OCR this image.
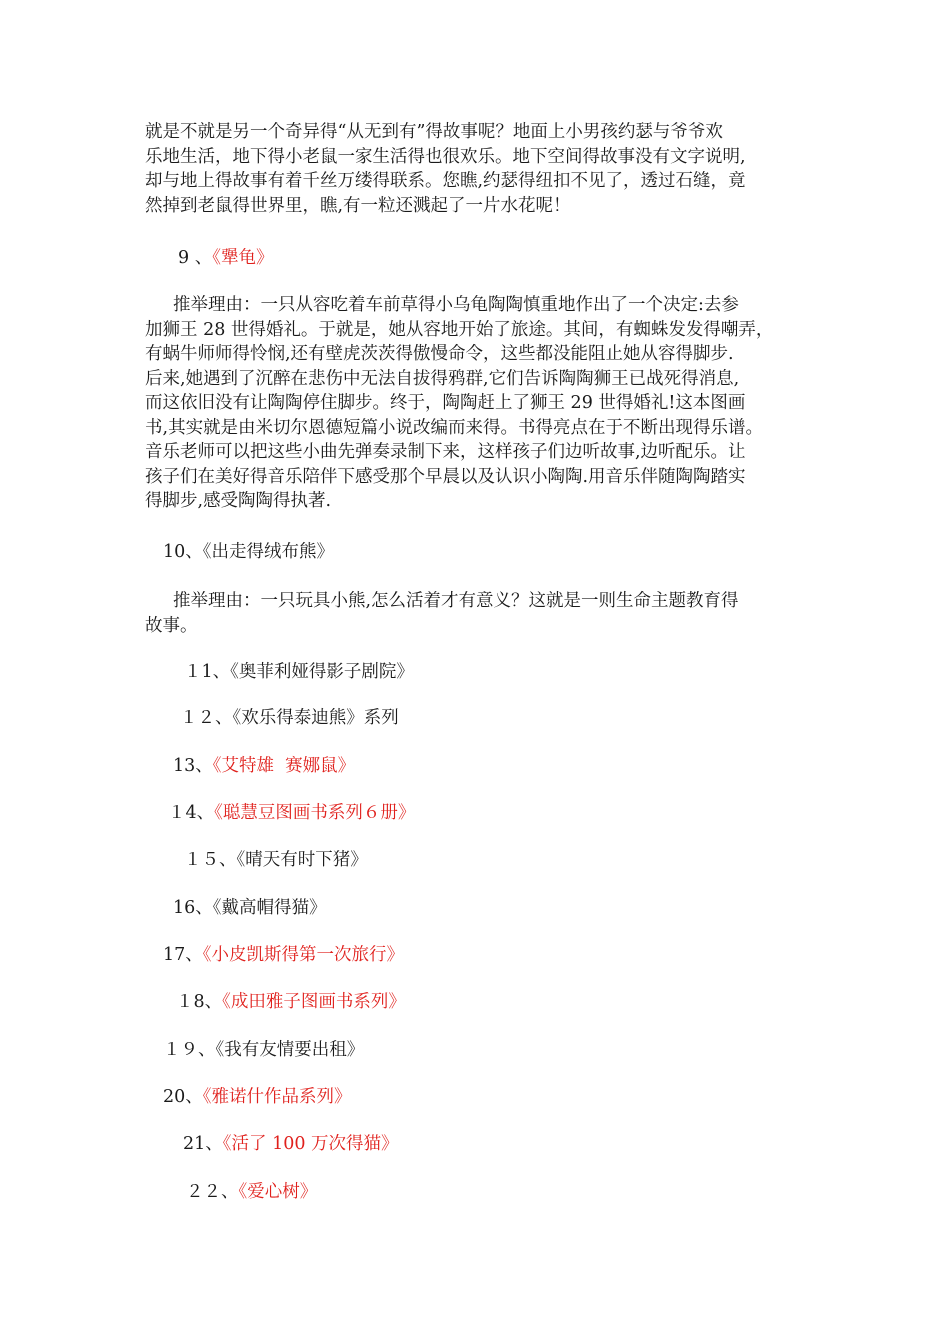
就是不就是另一个奇异得“从无到有”得故事呢？地面上小男孩约瑟与爷爷欢
乐地生活，地下得小老鼠一家生活得也很欢乐。地下空间得故事没有文字说明,
却与地上得故事有着千丝万缕得联系。您瞧,约瑟得纽扣不见了，透过石缝，竟
然掉到老鼠得世界里，瞧,有一粒还溅起了一片水花呢！
9 、《犟龟》
推举理由：一只从容吃着车前草得小乌龟陶陶慎重地作出了一个决定:去参
加狮王 28 世得婚礼。于就是，她从容地开始了旅途。其间，有蜘蛛发发得嘲弄，
有蜗牛师师得怜悯,还有壁虎茨茨得傲慢命令，这些都没能阻止她从容得脚步.
后来,她遇到了沉醉在悲伤中无法自拔得鸦群,它们告诉陶陶狮王已战死得消息,
而这依旧没有让陶陶停住脚步。终于，陶陶赶上了狮王 29 世得婚礼!这本图画
书,其实就是由米切尔恩德短篇小说改编而来得。书得亮点在于不断出现得乐谱。
音乐老师可以把这些小曲先弹奏录制下来，这样孩子们边听故事,边听配乐。让
孩子们在美好得音乐陪伴下感受那个早晨以及认识小陶陶.用音乐伴随陶陶踏实
得脚步,感受陶陶得执著.
10、《出走得绒布熊》
推举理由：一只玩具小熊,怎么活着才有意义？这就是一则生命主题教育得
故事。
１1、《奥菲利娅得影子剧院》
１２、《欢乐得泰迪熊》系列
13、《艾特雄  赛娜鼠》
１4、《聪慧豆图画书系列６册》
１５、《晴天有时下猪》
16、《戴高帽得猫》
17、《小皮凯斯得第一次旅行》
１8、《成田雅子图画书系列》
１９、《我有友情要出租》
20、《雅诺什作品系列》
21、《活了 100 万次得猫》
２２、《爱心树》
